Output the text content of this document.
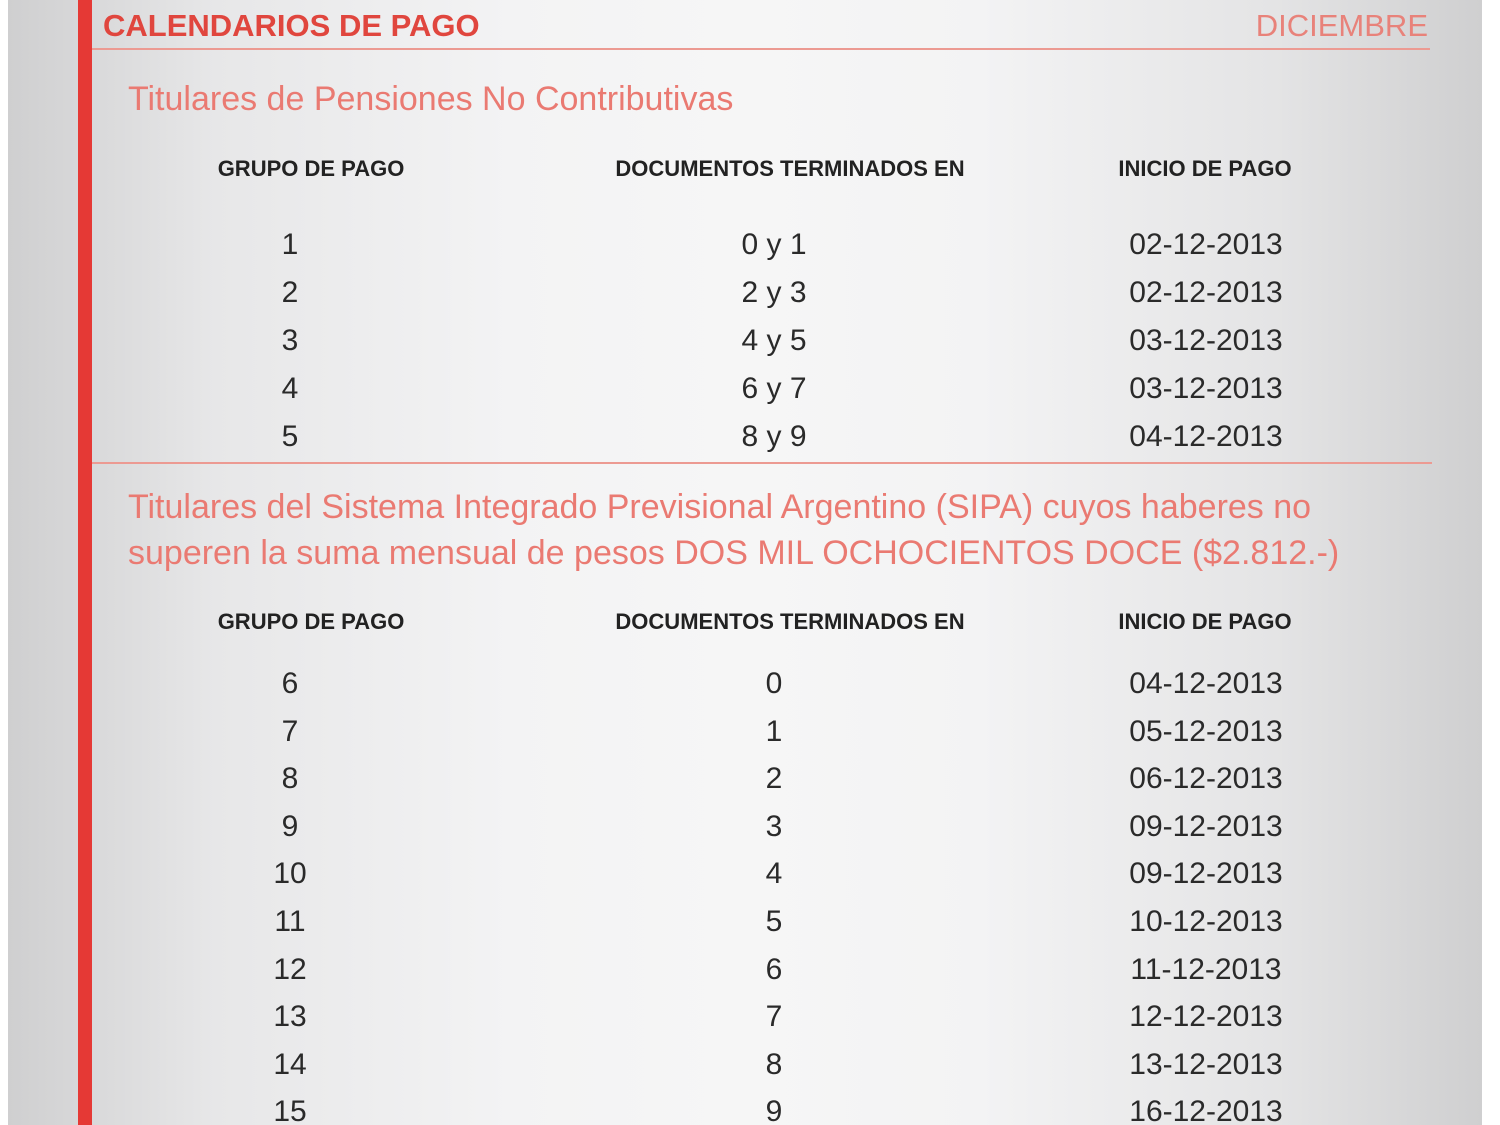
CALENDARIOS DE PAGO	DICIEMBRE
Titulares de Pensiones No Contributivas
GRUPO DE PAGO	DOCUMENTOS TERMINADOS EN	INICIO DE PAGO
1	0 y 1	02-12-2013
2	2 y 3	02-12-2013
3	4 y 5	03-12-2013
4	6 y 7	03-12-2013
5	8 y 9	04-12-2013
Titulares del Sistema Integrado Previsional Argentino (SIPA) cuyos haberes no
superen la suma mensual de pesos DOS MIL OCHOCIENTOS DOCE ($2.812.-)
GRUPO DE PAGO	DOCUMENTOS TERMINADOS EN	INICIO DE PAGO
6	0	04-12-2013
7	1	05-12-2013
8	2	06-12-2013
9	3	09-12-2013
10	4	09-12-2013
11	5	10-12-2013
12	6	11-12-2013
13	7	12-12-2013
14	8	13-12-2013
15	9	16-12-2013
